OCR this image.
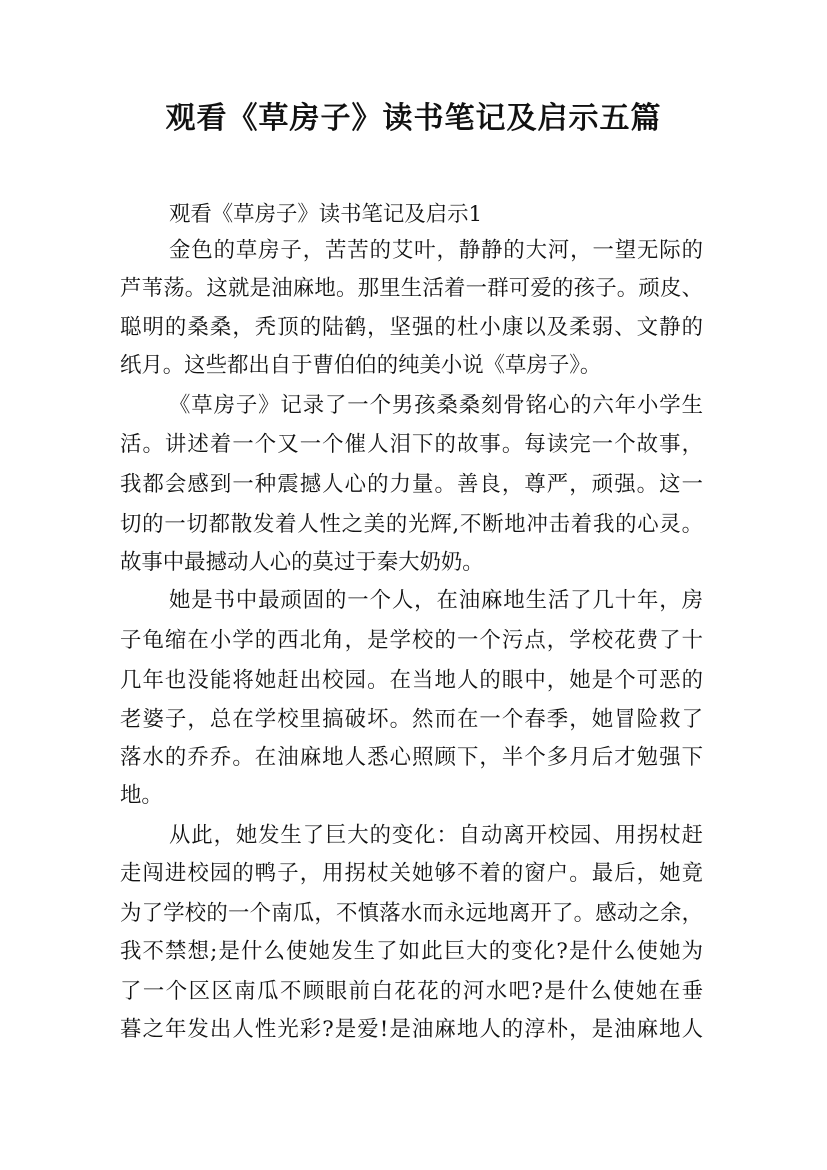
观看《草房子》读书笔记及启示五篇
观看《草房子》读书笔记及启示1
金色的草房子，苦苦的艾叶，静静的大河，一望无际的
芦苇荡。这就是油麻地。那里生活着一群可爱的孩子。顽皮、
聪明的桑桑，秃顶的陆鹤，坚强的杜小康以及柔弱、文静的
纸月。这些都出自于曹伯伯的纯美小说《草房子》。
《草房子》记录了一个男孩桑桑刻骨铭心的六年小学生
活。讲述着一个又一个催人泪下的故事。每读完一个故事，
我都会感到一种震撼人心的力量。善良，尊严，顽强。这一
切的一切都散发着人性之美的光辉,不断地冲击着我的心灵。
故事中最撼动人心的莫过于秦大奶奶。
她是书中最顽固的一个人，在油麻地生活了几十年，房
子龟缩在小学的西北角，是学校的一个污点，学校花费了十
几年也没能将她赶出校园。在当地人的眼中，她是个可恶的
老婆子，总在学校里搞破坏。然而在一个春季，她冒险救了
落水的乔乔。在油麻地人悉心照顾下，半个多月后才勉强下
地。
从此，她发生了巨大的变化：自动离开校园、用拐杖赶
走闯进校园的鸭子，用拐杖关她够不着的窗户。最后，她竟
为了学校的一个南瓜，不慎落水而永远地离开了。感动之余，
我不禁想;是什么使她发生了如此巨大的变化?是什么使她为
了一个区区南瓜不顾眼前白花花的河水吧?是什么使她在垂
暮之年发出人性光彩?是爱!是油麻地人的淳朴，是油麻地人
